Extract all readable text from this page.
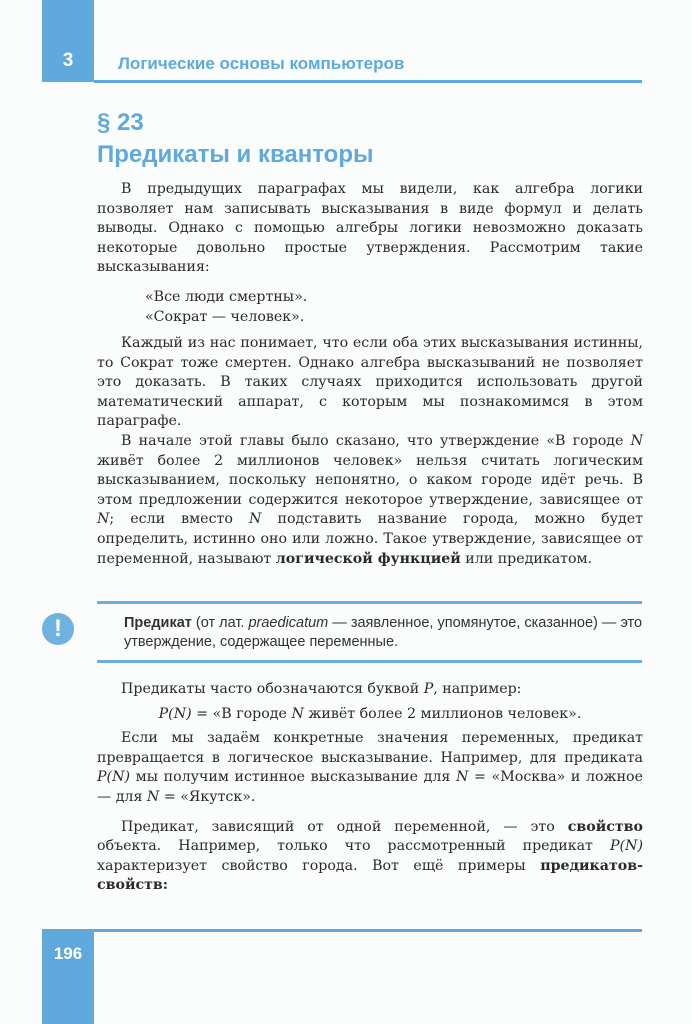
3	Логические основы компьютеров
§ 23
Предикаты и кванторы

В предыдущих параграфах мы видели, как алгебра логики позволяет нам записывать высказывания в виде формул и делать выводы. Однако с помощью алгебры логики невозможно доказать некоторые довольно простые утверждения. Рассмотрим такие высказывания:

«Все люди смертны».

«Сократ — человек».

Каждый из нас понимает, что если оба этих высказывания истинны, то Сократ тоже смертен. Однако алгебра высказываний не позволяет это доказать. В таких случаях приходится использовать другой математический аппарат, с которым мы познакомимся в этом параграфе.

В начале этой главы было сказано, что утверждение «В городе N живёт более 2 миллионов человек» нельзя считать логическим высказыванием, поскольку непонятно, о каком городе идёт речь. В этом предложении содержится некоторое утверждение, зависящее от N; если вместо N подставить название города, можно будет определить, истинно оно или ложно. Такое утверждение, зависящее от переменной, называют логической функцией или предикатом.

!	Предикат (от лат. praedicatum — заявленное, упомянутое, сказанное) — это утверждение, содержащее переменные.

Предикаты часто обозначаются буквой P, например:

P(N) = «В городе N живёт более 2 миллионов человек».

Если мы задаём конкретные значения переменных, предикат превращается в логическое высказывание. Например, для предиката P(N) мы получим истинное высказывание для N = «Москва» и ложное — для N = «Якутск».

Предикат, зависящий от одной переменной, — это свойство объекта. Например, только что рассмотренный предикат P(N) характеризует свойство города. Вот ещё примеры предикатов-свойств:

196
